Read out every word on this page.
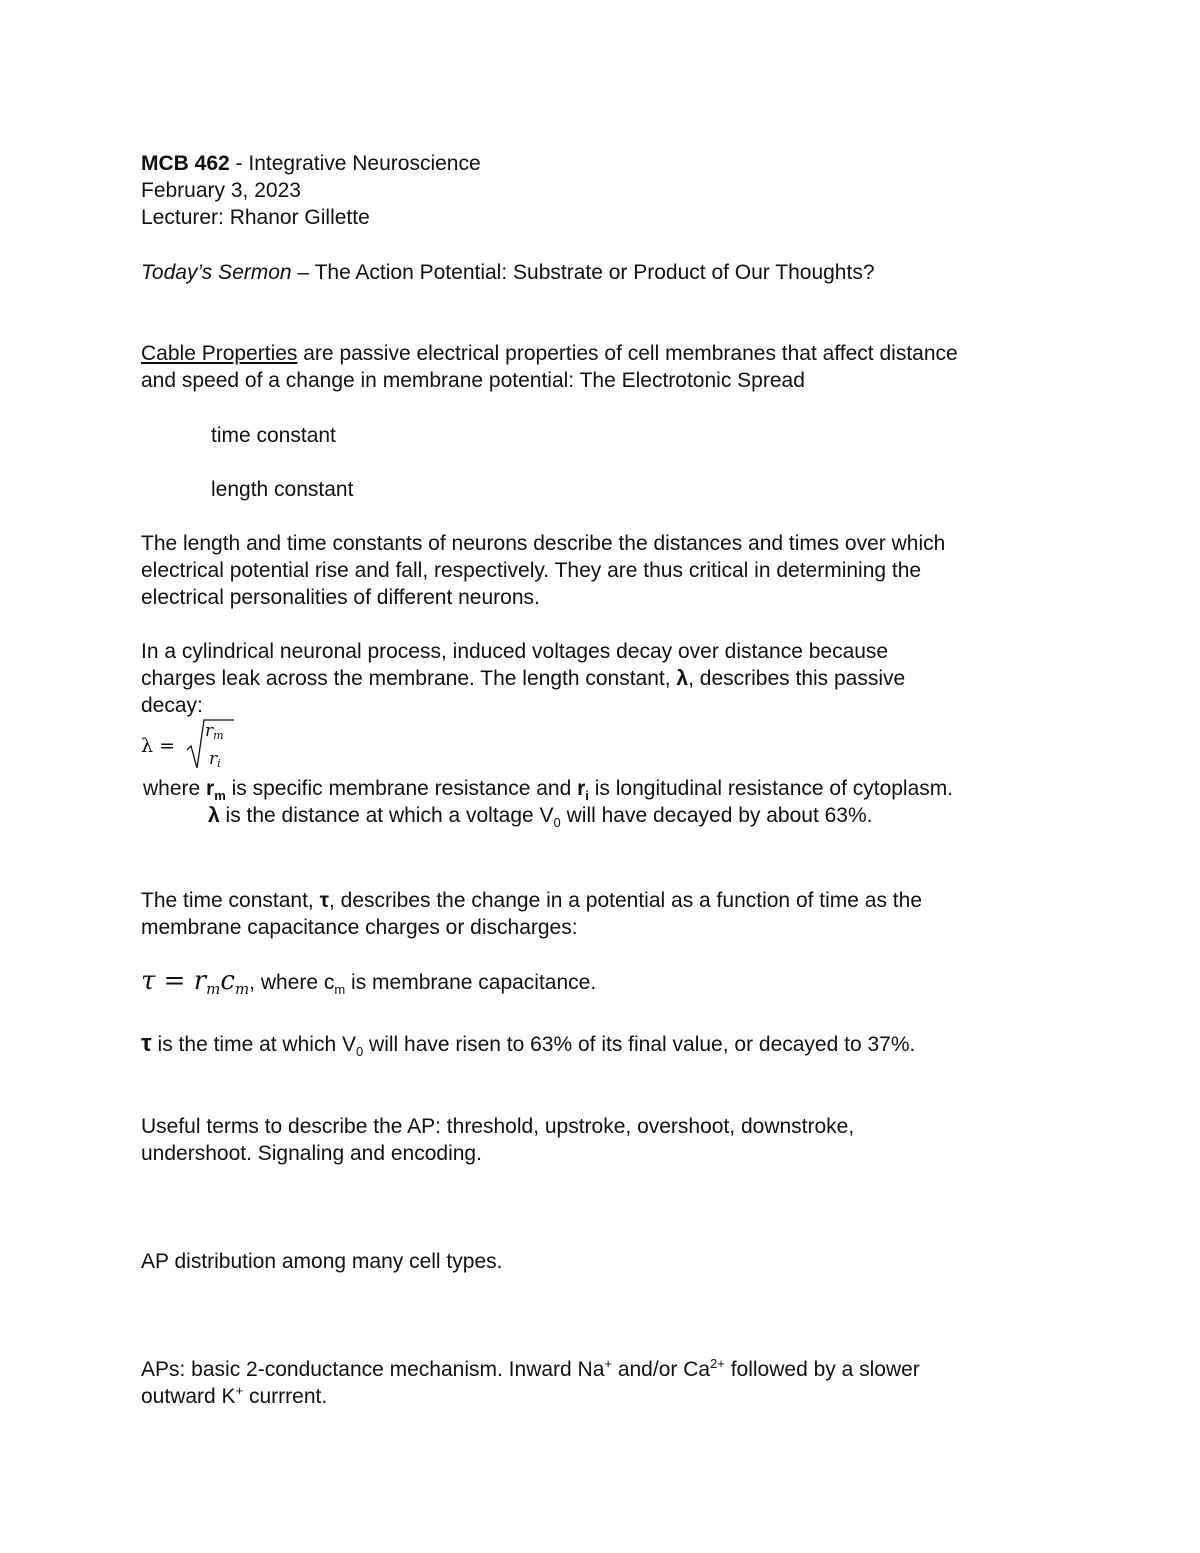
MCB 462 - Integrative Neuroscience
February 3, 2023
Lecturer: Rhanor Gillette
Today’s Sermon – The Action Potential: Substrate or Product of Our Thoughts?
Cable Properties are passive electrical properties of cell membranes that affect distance
and speed of a change in membrane potential: The Electrotonic Spread
time constant
length constant
The length and time constants of neurons describe the distances and times over which
electrical potential rise and fall, respectively. They are thus critical in determining the
electrical personalities of different neurons.
In a cylindrical neuronal process, induced voltages decay over distance because
charges leak across the membrane. The length constant, λ, describes this passive
decay:
λ =
rm
ri
where $r_m$ is specific membrane resistance and $r_i$ is longitudinal resistance of cytoplasm.
λ is the distance at which a voltage $V_0$ will have decayed by about 63%.
The time constant, τ, describes the change in a potential as a function of time as the
membrane capacitance charges or discharges:
$\tau = r_mc_m$, where $c_m$ is membrane capacitance.
τ is the time at which $V_0$ will have risen to 63% of its final value, or decayed to 37%.
Useful terms to describe the AP: threshold, upstroke, overshoot, downstroke,
undershoot. Signaling and encoding.
AP distribution among many cell types.
APs: basic 2-conductance mechanism. Inward Na+ and/or $Ca^{2+}$ followed by a slower
outward K+ currrent.
